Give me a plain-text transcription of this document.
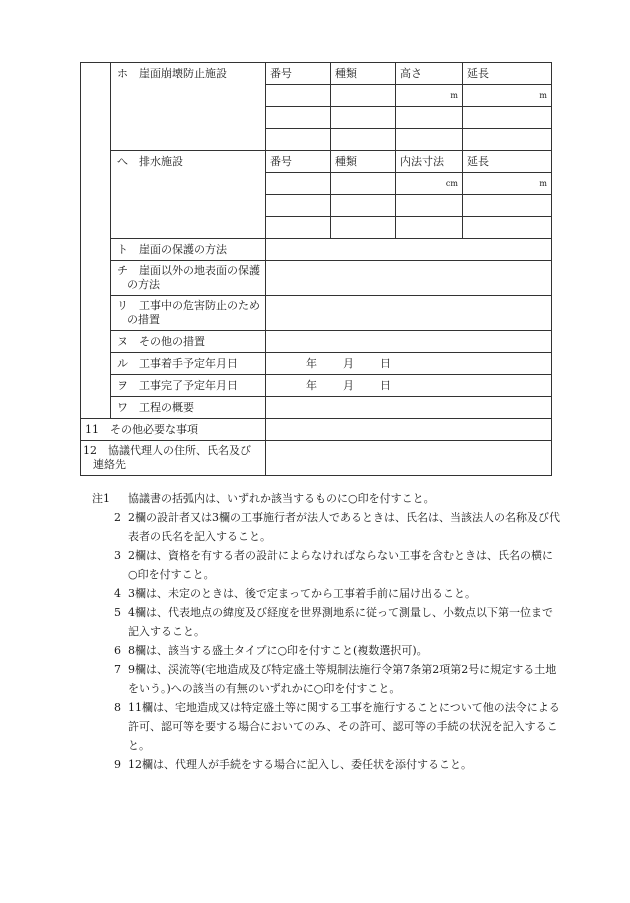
	ホ　崖面崩壊防止施設	番号	種類	高さ	延長
				m	m

	へ　排水施設	番号	種類	内法寸法	延長
				cm	m

	ト　崖面の保護の方法				
	チ　崖面以外の地表面の保護の方法				
	リ　工事中の危害防止のための措置				
	ヌ　その他の措置				
	ル　工事着手予定年月日	年 月 日			
	ヲ　工事完了予定年月日	年 月 日			
	ワ　工程の概要				
11　その他必要な事項					
12　協議代理人の住所、氏名及び連絡先					
注1 協議書の括弧内は、いずれか該当するものに○印を付すこと。
2 2欄の設計者又は3欄の工事施行者が法人であるときは、氏名は、当該法人の名称及び代表者の氏名を記入すること。
3 2欄は、資格を有する者の設計によらなければならない工事を含むときは、氏名の横に○印を付すこと。
4 3欄は、未定のときは、後で定まってから工事着手前に届け出ること。
5 4欄は、代表地点の緯度及び経度を世界測地系に従って測量し、小数点以下第一位まで記入すること。
6 8欄は、該当する盛土タイプに○印を付すこと(複数選択可)。
7 9欄は、渓流等(宅地造成及び特定盛土等規制法施行令第7条第2項第2号に規定する土地をいう。)への該当の有無のいずれかに○印を付すこと。
8 11欄は、宅地造成又は特定盛土等に関する工事を施行することについて他の法令による許可、認可等を要する場合においてのみ、その許可、認可等の手続の状況を記入すること。
9 12欄は、代理人が手続をする場合に記入し、委任状を添付すること。
